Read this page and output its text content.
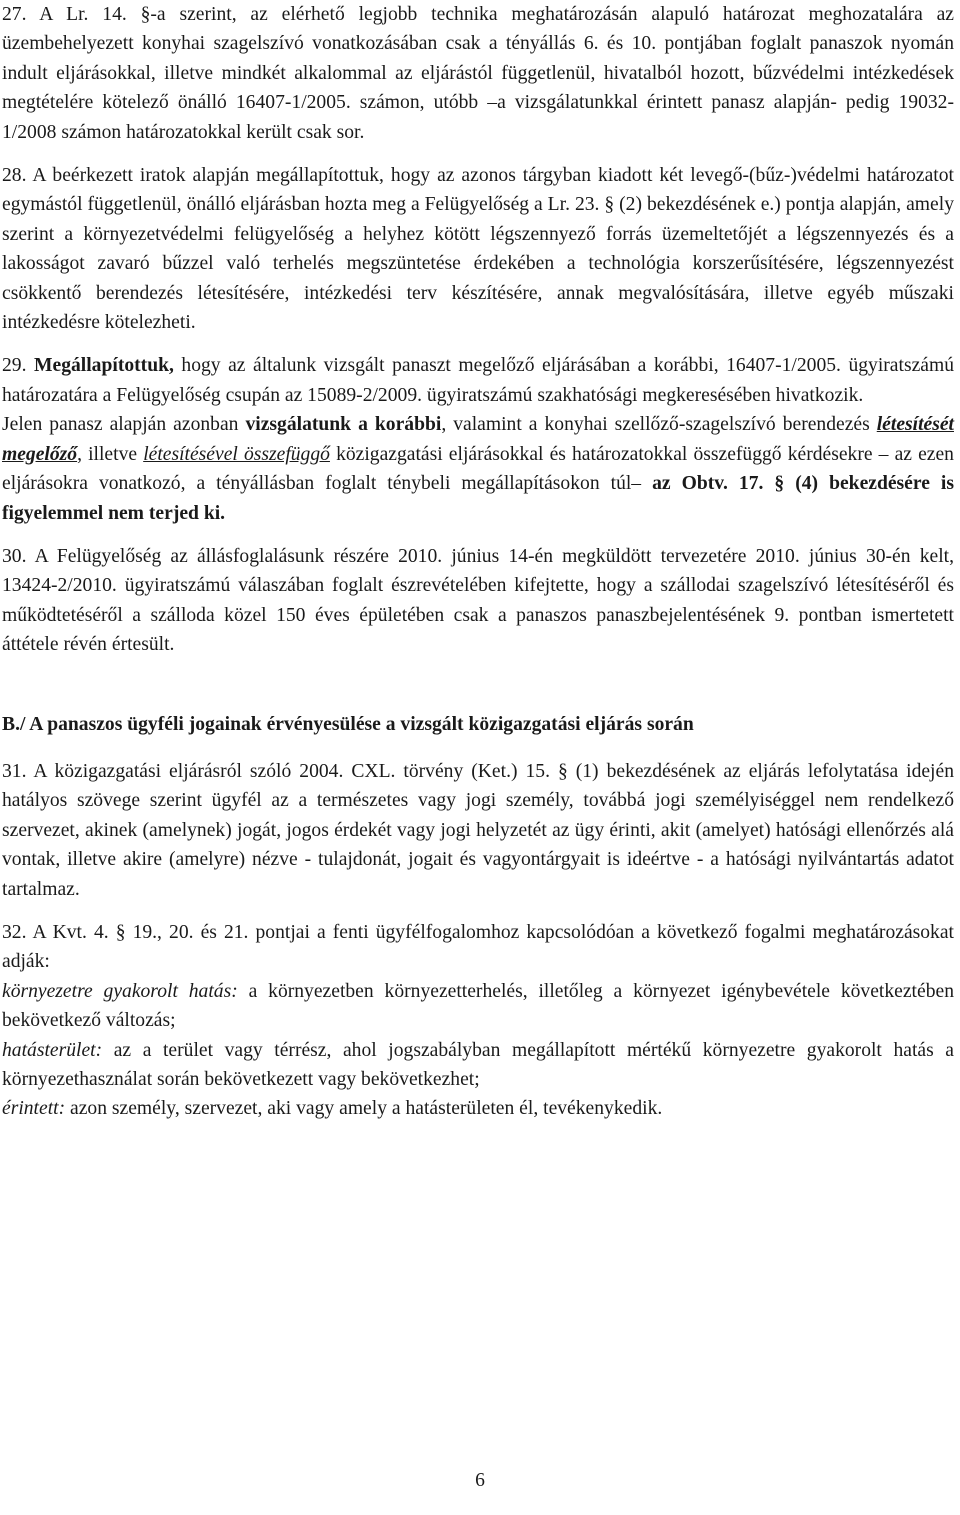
27. A Lr. 14. §-a szerint, az elérhető legjobb technika meghatározásán alapuló határozat meghozatalára az üzembehelyezett konyhai szagelszívó vonatkozásában csak a tényállás 6. és 10. pontjában foglalt panaszok nyomán indult eljárásokkal, illetve mindkét alkalommal az eljárástól függetlenül, hivatalból hozott, bűzvédelmi intézkedések megtételére kötelező önálló 16407-1/2005. számon, utóbb –a vizsgálatunkkal érintett panasz alapján- pedig 19032-1/2008 számon határozatokkal került csak sor.

28. A beérkezett iratok alapján megállapítottuk, hogy az azonos tárgyban kiadott két levegő-(bűz-)védelmi határozatot egymástól függetlenül, önálló eljárásban hozta meg a Felügyelőség a Lr. 23. § (2) bekezdésének e.) pontja alapján, amely szerint a környezetvédelmi felügyelőség a helyhez kötött légszennyező forrás üzemeltetőjét a légszennyezés és a lakosságot zavaró bűzzel való terhelés megszüntetése érdekében a technológia korszerűsítésére, légszennyezést csökkentő berendezés létesítésére, intézkedési terv készítésére, annak megvalósítására, illetve egyéb műszaki intézkedésre kötelezheti.

29. Megállapítottuk, hogy az általunk vizsgált panaszt megelőző eljárásában a korábbi, 16407-1/2005. ügyiratszámú határozatára a Felügyelőség csupán az 15089-2/2009. ügyiratszámú szakhatósági megkeresésében hivatkozik.

Jelen panasz alapján azonban vizsgálatunk a korábbi, valamint a konyhai szellőző-szagelszívó berendezés létesítését megelőző, illetve létesítésével összefüggő közigazgatási eljárásokkal és határozatokkal összefüggő kérdésekre – az ezen eljárásokra vonatkozó, a tényállásban foglalt ténybeli megállapításokon túl– az Obtv. 17. § (4) bekezdésére is figyelemmel nem terjed ki.

30. A Felügyelőség az állásfoglalásunk részére 2010. június 14-én megküldött tervezetére 2010. június 30-én kelt, 13424-2/2010. ügyiratszámú válaszában foglalt észrevételében kifejtette, hogy a szállodai szagelszívó létesítéséről és működtetéséről a szálloda közel 150 éves épületében csak a panaszos panaszbejelentésének 9. pontban ismertetett áttétele révén értesült.

B./ A panaszos ügyféli jogainak érvényesülése a vizsgált közigazgatási eljárás során

31. A közigazgatási eljárásról szóló 2004. CXL. törvény (Ket.) 15. § (1) bekezdésének az eljárás lefolytatása idején hatályos szövege szerint ügyfél az a természetes vagy jogi személy, továbbá jogi személyiséggel nem rendelkező szervezet, akinek (amelynek) jogát, jogos érdekét vagy jogi helyzetét az ügy érinti, akit (amelyet) hatósági ellenőrzés alá vontak, illetve akire (amelyre) nézve - tulajdonát, jogait és vagyontárgyait is ideértve - a hatósági nyilvántartás adatot tartalmaz.

32. A Kvt. 4. § 19., 20. és 21. pontjai a fenti ügyfélfogalomhoz kapcsolódóan a következő fogalmi meghatározásokat adják:

környezetre gyakorolt hatás: a környezetben környezetterhelés, illetőleg a környezet igénybevétele következtében bekövetkező változás;

hatásterület: az a terület vagy térrész, ahol jogszabályban megállapított mértékű környezetre gyakorolt hatás a környezethasználat során bekövetkezett vagy bekövetkezhet;

érintett: azon személy, szervezet, aki vagy amely a hatásterületen él, tevékenykedik.

6
